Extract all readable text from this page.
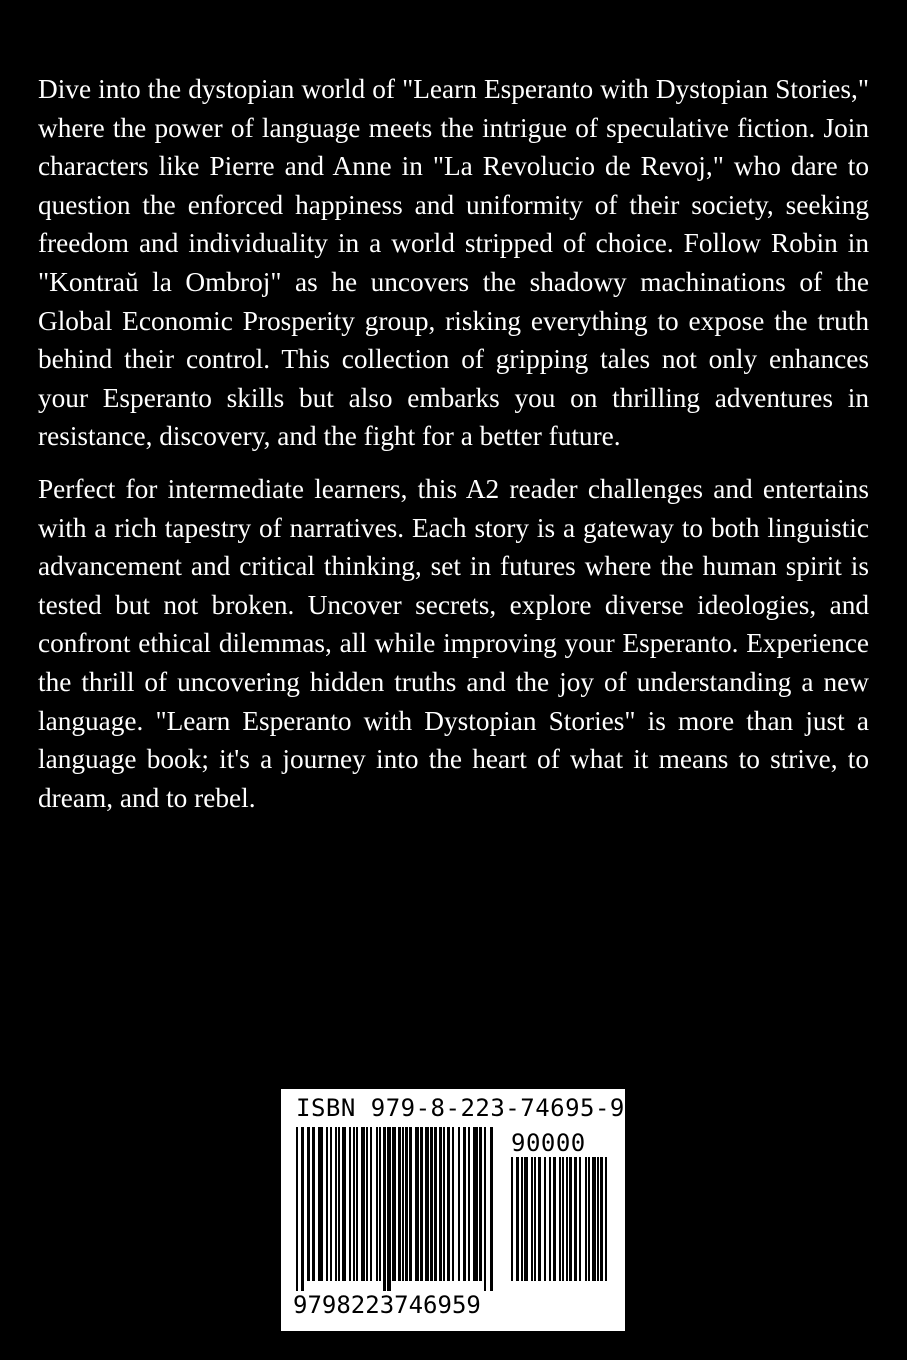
Dive into the dystopian world of "Learn Esperanto with Dystopian Stories," where the power of language meets the intrigue of speculative fiction. Join characters like Pierre and Anne in "La Revolucio de Revoj," who dare to question the enforced happiness and uniformity of their society, seeking freedom and individuality in a world stripped of choice. Follow Robin in "Kontraŭ la Ombroj" as he uncovers the shadowy machinations of the Global Economic Prosperity group, risking everything to expose the truth behind their control. This collection of gripping tales not only enhances your Esperanto skills but also embarks you on thrilling adventures in resistance, discovery, and the fight for a better future.

Perfect for intermediate learners, this A2 reader challenges and entertains with a rich tapestry of narratives. Each story is a gateway to both linguistic advancement and critical thinking, set in futures where the human spirit is tested but not broken. Uncover secrets, explore diverse ideologies, and confront ethical dilemmas, all while improving your Esperanto. Experience the thrill of uncovering hidden truths and the joy of understanding a new language. "Learn Esperanto with Dystopian Stories" is more than just a language book; it's a journey into the heart of what it means to strive, to dream, and to rebel.

ISBN 979-8-223-74695-9
90000
9798223746959
